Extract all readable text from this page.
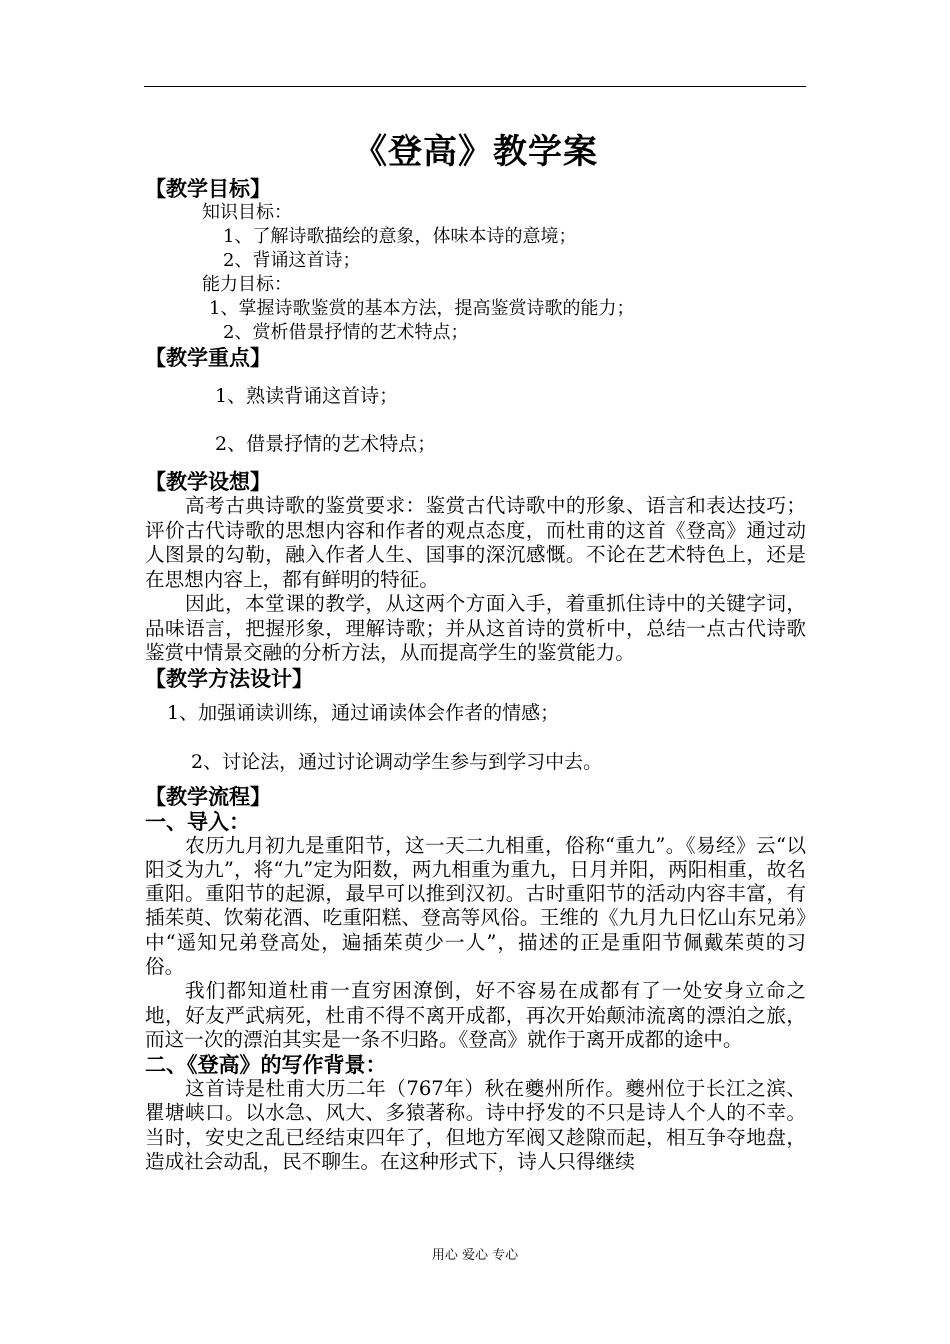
《登高》教学案
【教学目标】
知识目标：
1、了解诗歌描绘的意象，体味本诗的意境；
2、背诵这首诗；
能力目标：
1、掌握诗歌鉴赏的基本方法，提高鉴赏诗歌的能力；
2、赏析借景抒情的艺术特点；
【教学重点】
1、熟读背诵这首诗；
2、借景抒情的艺术特点；
【教学设想】

高考古典诗歌的鉴赏要求：鉴赏古代诗歌中的形象、语言和表达技巧；评价古代诗歌的思想内容和作者的观点态度，而杜甫的这首《登高》通过动人图景的勾勒，融入作者人生、国事的深沉感慨。不论在艺术特色上，还是在思想内容上，都有鲜明的特征。

因此，本堂课的教学，从这两个方面入手，着重抓住诗中的关键字词，品味语言，把握形象，理解诗歌；并从这首诗的赏析中，总结一点古代诗歌鉴赏中情景交融的分析方法，从而提高学生的鉴赏能力。

【教学方法设计】
1、加强诵读训练，通过诵读体会作者的情感；
2、讨论法，通过讨论调动学生参与到学习中去。
【教学流程】
一、导入：

农历九月初九是重阳节，这一天二九相重，俗称“重九”。《易经》云“以阳爻为九”，将“九”定为阳数，两九相重为重九，日月并阳，两阳相重，故名重阳。重阳节的起源，最早可以推到汉初。古时重阳节的活动内容丰富，有插茱萸、饮菊花酒、吃重阳糕、登高等风俗。王维的《九月九日忆山东兄弟》中“遥知兄弟登高处，遍插茱萸少一人”，描述的正是重阳节佩戴茱萸的习俗。

我们都知道杜甫一直穷困潦倒，好不容易在成都有了一处安身立命之地，好友严武病死，杜甫不得不离开成都，再次开始颠沛流离的漂泊之旅，而这一次的漂泊其实是一条不归路。《登高》就作于离开成都的途中。

二、《登高》的写作背景：

这首诗是杜甫大历二年（767年）秋在夔州所作。夔州位于长江之滨、瞿塘峡口。以水急、风大、多猿著称。诗中抒发的不只是诗人个人的不幸。当时，安史之乱已经结束四年了，但地方军阀又趁隙而起，相互争夺地盘，造成社会动乱，民不聊生。在这种形式下，诗人只得继续

用心 爱心 专心
